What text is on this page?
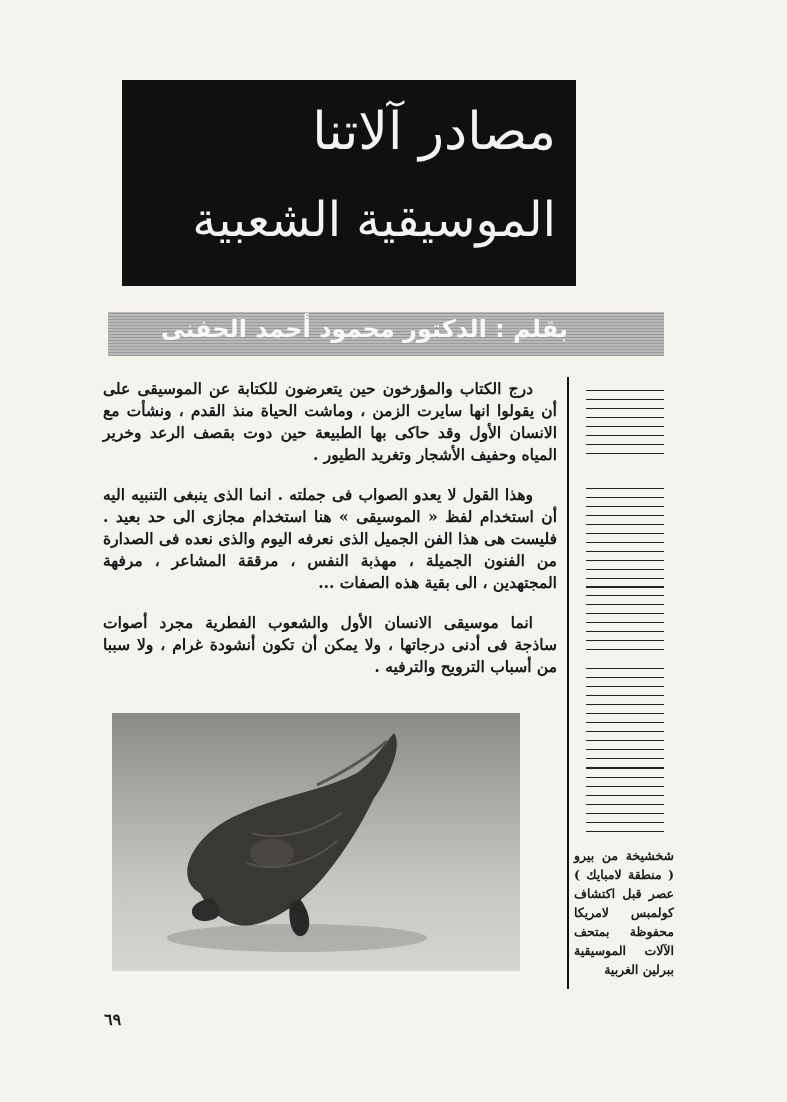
مصادر آلاتنا
الموسيقية الشعبية
بقلم : الدكتور محمود أحمد الحفنى

درج الكتاب والمؤرخون حين يتعرضون للكتابة عن الموسيقى على أن يقولوا انها سايرت الزمن ، وماشت الحياة منذ القدم ، ونشأت مع الانسان الأول وقد حاكى بها الطبيعة حين دوت بقصف الرعد وخرير المياه وحفيف الأشجار وتغريد الطيور .

وهذا القول لا يعدو الصواب فى جملته . انما الذى ينبغى التنبيه اليه أن استخدام لفظ « الموسيقى » هنا استخدام مجازى الى حد بعيد . فليست هى هذا الفن الجميل الذى نعرفه اليوم والذى نعده فى الصدارة من الفنون الجميلة ، مهذبة النفس ، مرققة المشاعر ، مرفهة المجتهدين ، الى بقية هذه الصفات ...

انما موسيقى الانسان الأول والشعوب الفطرية مجرد أصوات ساذجة فى أدنى درجاتها ، ولا يمكن أن تكون أنشودة غرام ، ولا سببا من أسباب الترويح والترفيه .

شخشيخة من بيرو ( منطقة لامبايك ) عصر قبل اكتشاف كولمبس لامريكا محفوظة بمتحف الآلات الموسيقية ببرلين الغربية
٦٩
